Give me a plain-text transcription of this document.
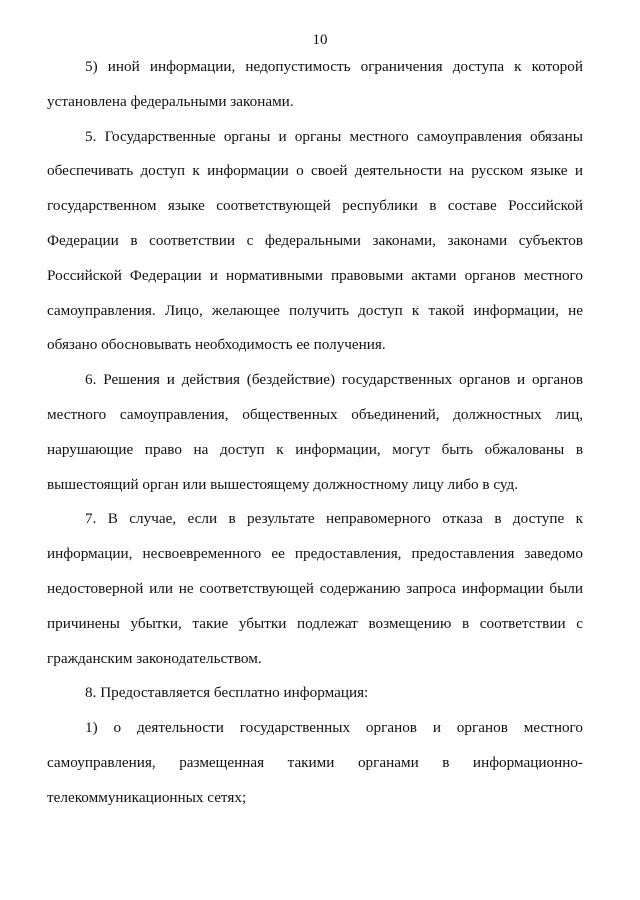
10

5) иной информации, недопустимость ограничения доступа к которой установлена федеральными законами.

5. Государственные органы и органы местного самоуправления обязаны обеспечивать доступ к информации о своей деятельности на русском языке и государственном языке соответствующей республики в составе Российской Федерации в соответствии с федеральными законами, законами субъектов Российской Федерации и нормативными правовыми актами органов местного самоуправления. Лицо, желающее получить доступ к такой информации, не обязано обосновывать необходимость ее получения.

6. Решения и действия (бездействие) государственных органов и органов местного самоуправления, общественных объединений, должностных лиц, нарушающие право на доступ к информации, могут быть обжалованы в вышестоящий орган или вышестоящему должностному лицу либо в суд.

7. В случае, если в результате неправомерного отказа в доступе к информации, несвоевременного ее предоставления, предоставления заведомо недостоверной или не соответствующей содержанию запроса информации были причинены убытки, такие убытки подлежат возмещению в соответствии с гражданским законодательством.

8. Предоставляется бесплатно информация:

1) о деятельности государственных органов и органов местного самоуправления, размещенная такими органами в информационно-телекоммуникационных сетях;
